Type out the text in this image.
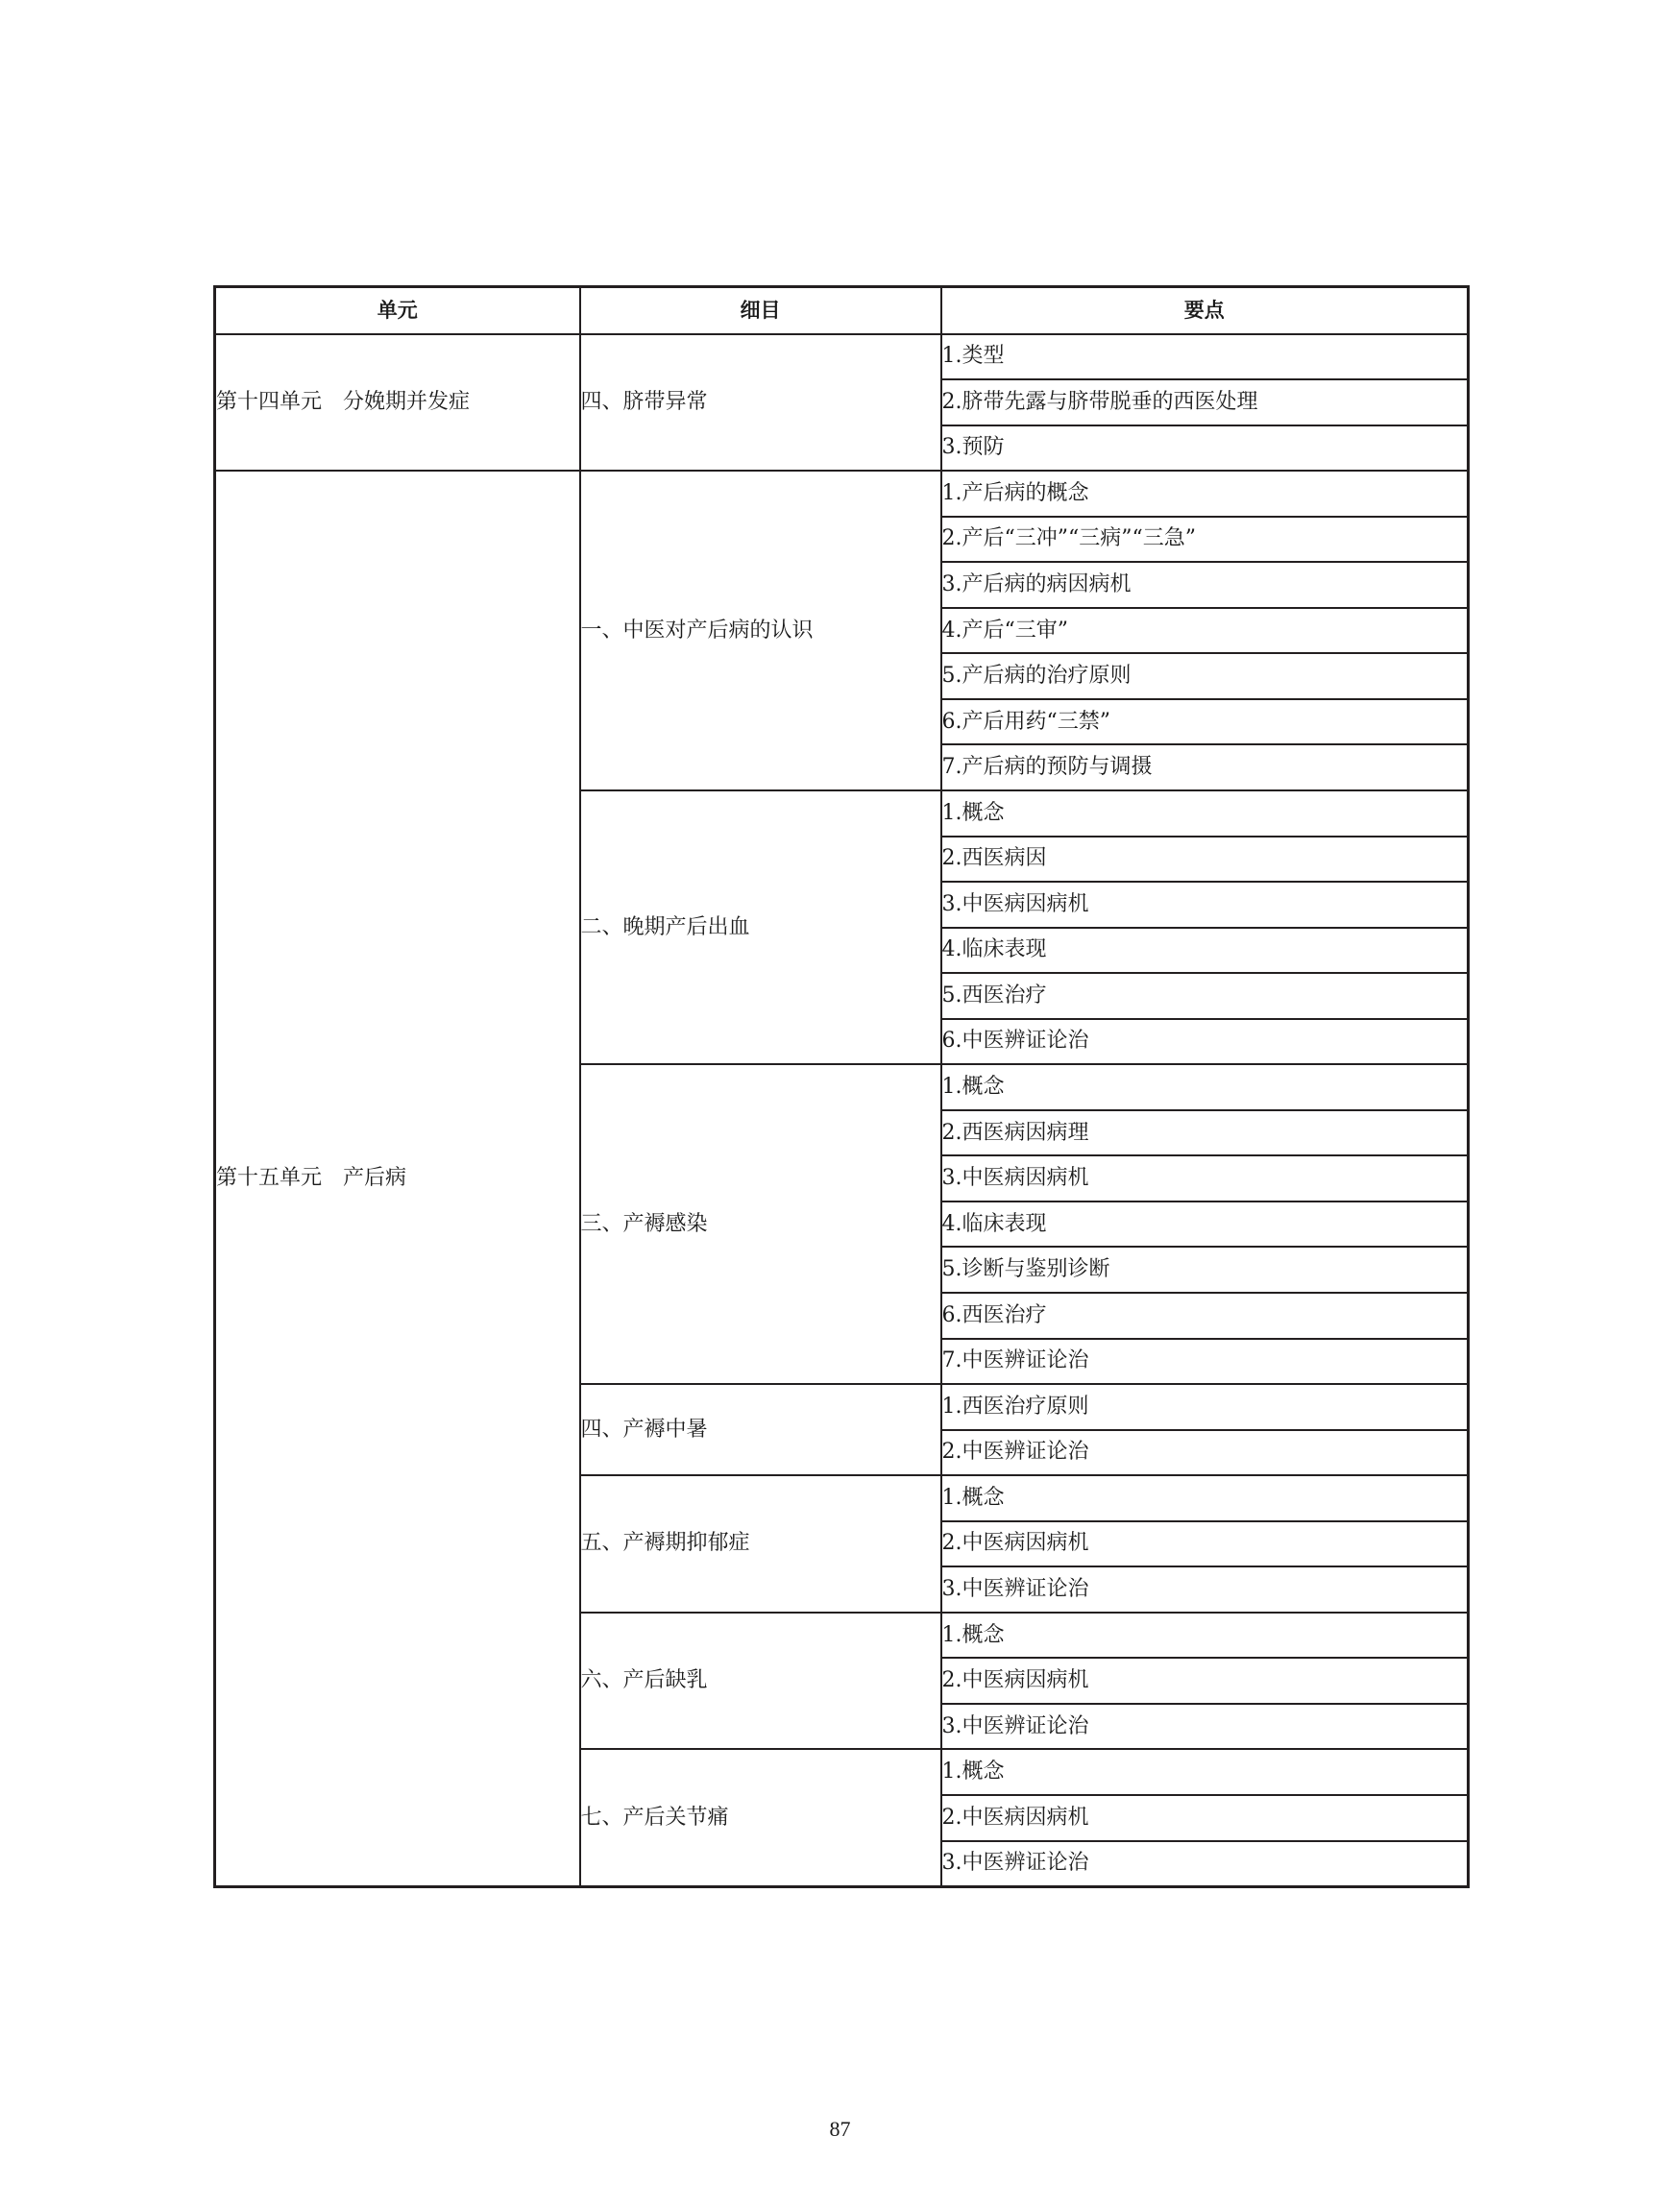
单元	细目	要点
第十四单元　分娩期并发症	四、脐带异常	1.类型
		2.脐带先露与脐带脱垂的西医处理
		3.预防
第十五单元　产后病	一、中医对产后病的认识	1.产后病的概念
		2.产后“三冲”“三病”“三急”
		3.产后病的病因病机
		4.产后“三审”
		5.产后病的治疗原则
		6.产后用药“三禁”
		7.产后病的预防与调摄
	二、晚期产后出血	1.概念
		2.西医病因
		3.中医病因病机
		4.临床表现
		5.西医治疗
		6.中医辨证论治
	三、产褥感染	1.概念
		2.西医病因病理
		3.中医病因病机
		4.临床表现
		5.诊断与鉴别诊断
		6.西医治疗
		7.中医辨证论治
	四、产褥中暑	1.西医治疗原则
		2.中医辨证论治
	五、产褥期抑郁症	1.概念
		2.中医病因病机
		3.中医辨证论治
	六、产后缺乳	1.概念
		2.中医病因病机
		3.中医辨证论治
	七、产后关节痛	1.概念
		2.中医病因病机
		3.中医辨证论治
87
